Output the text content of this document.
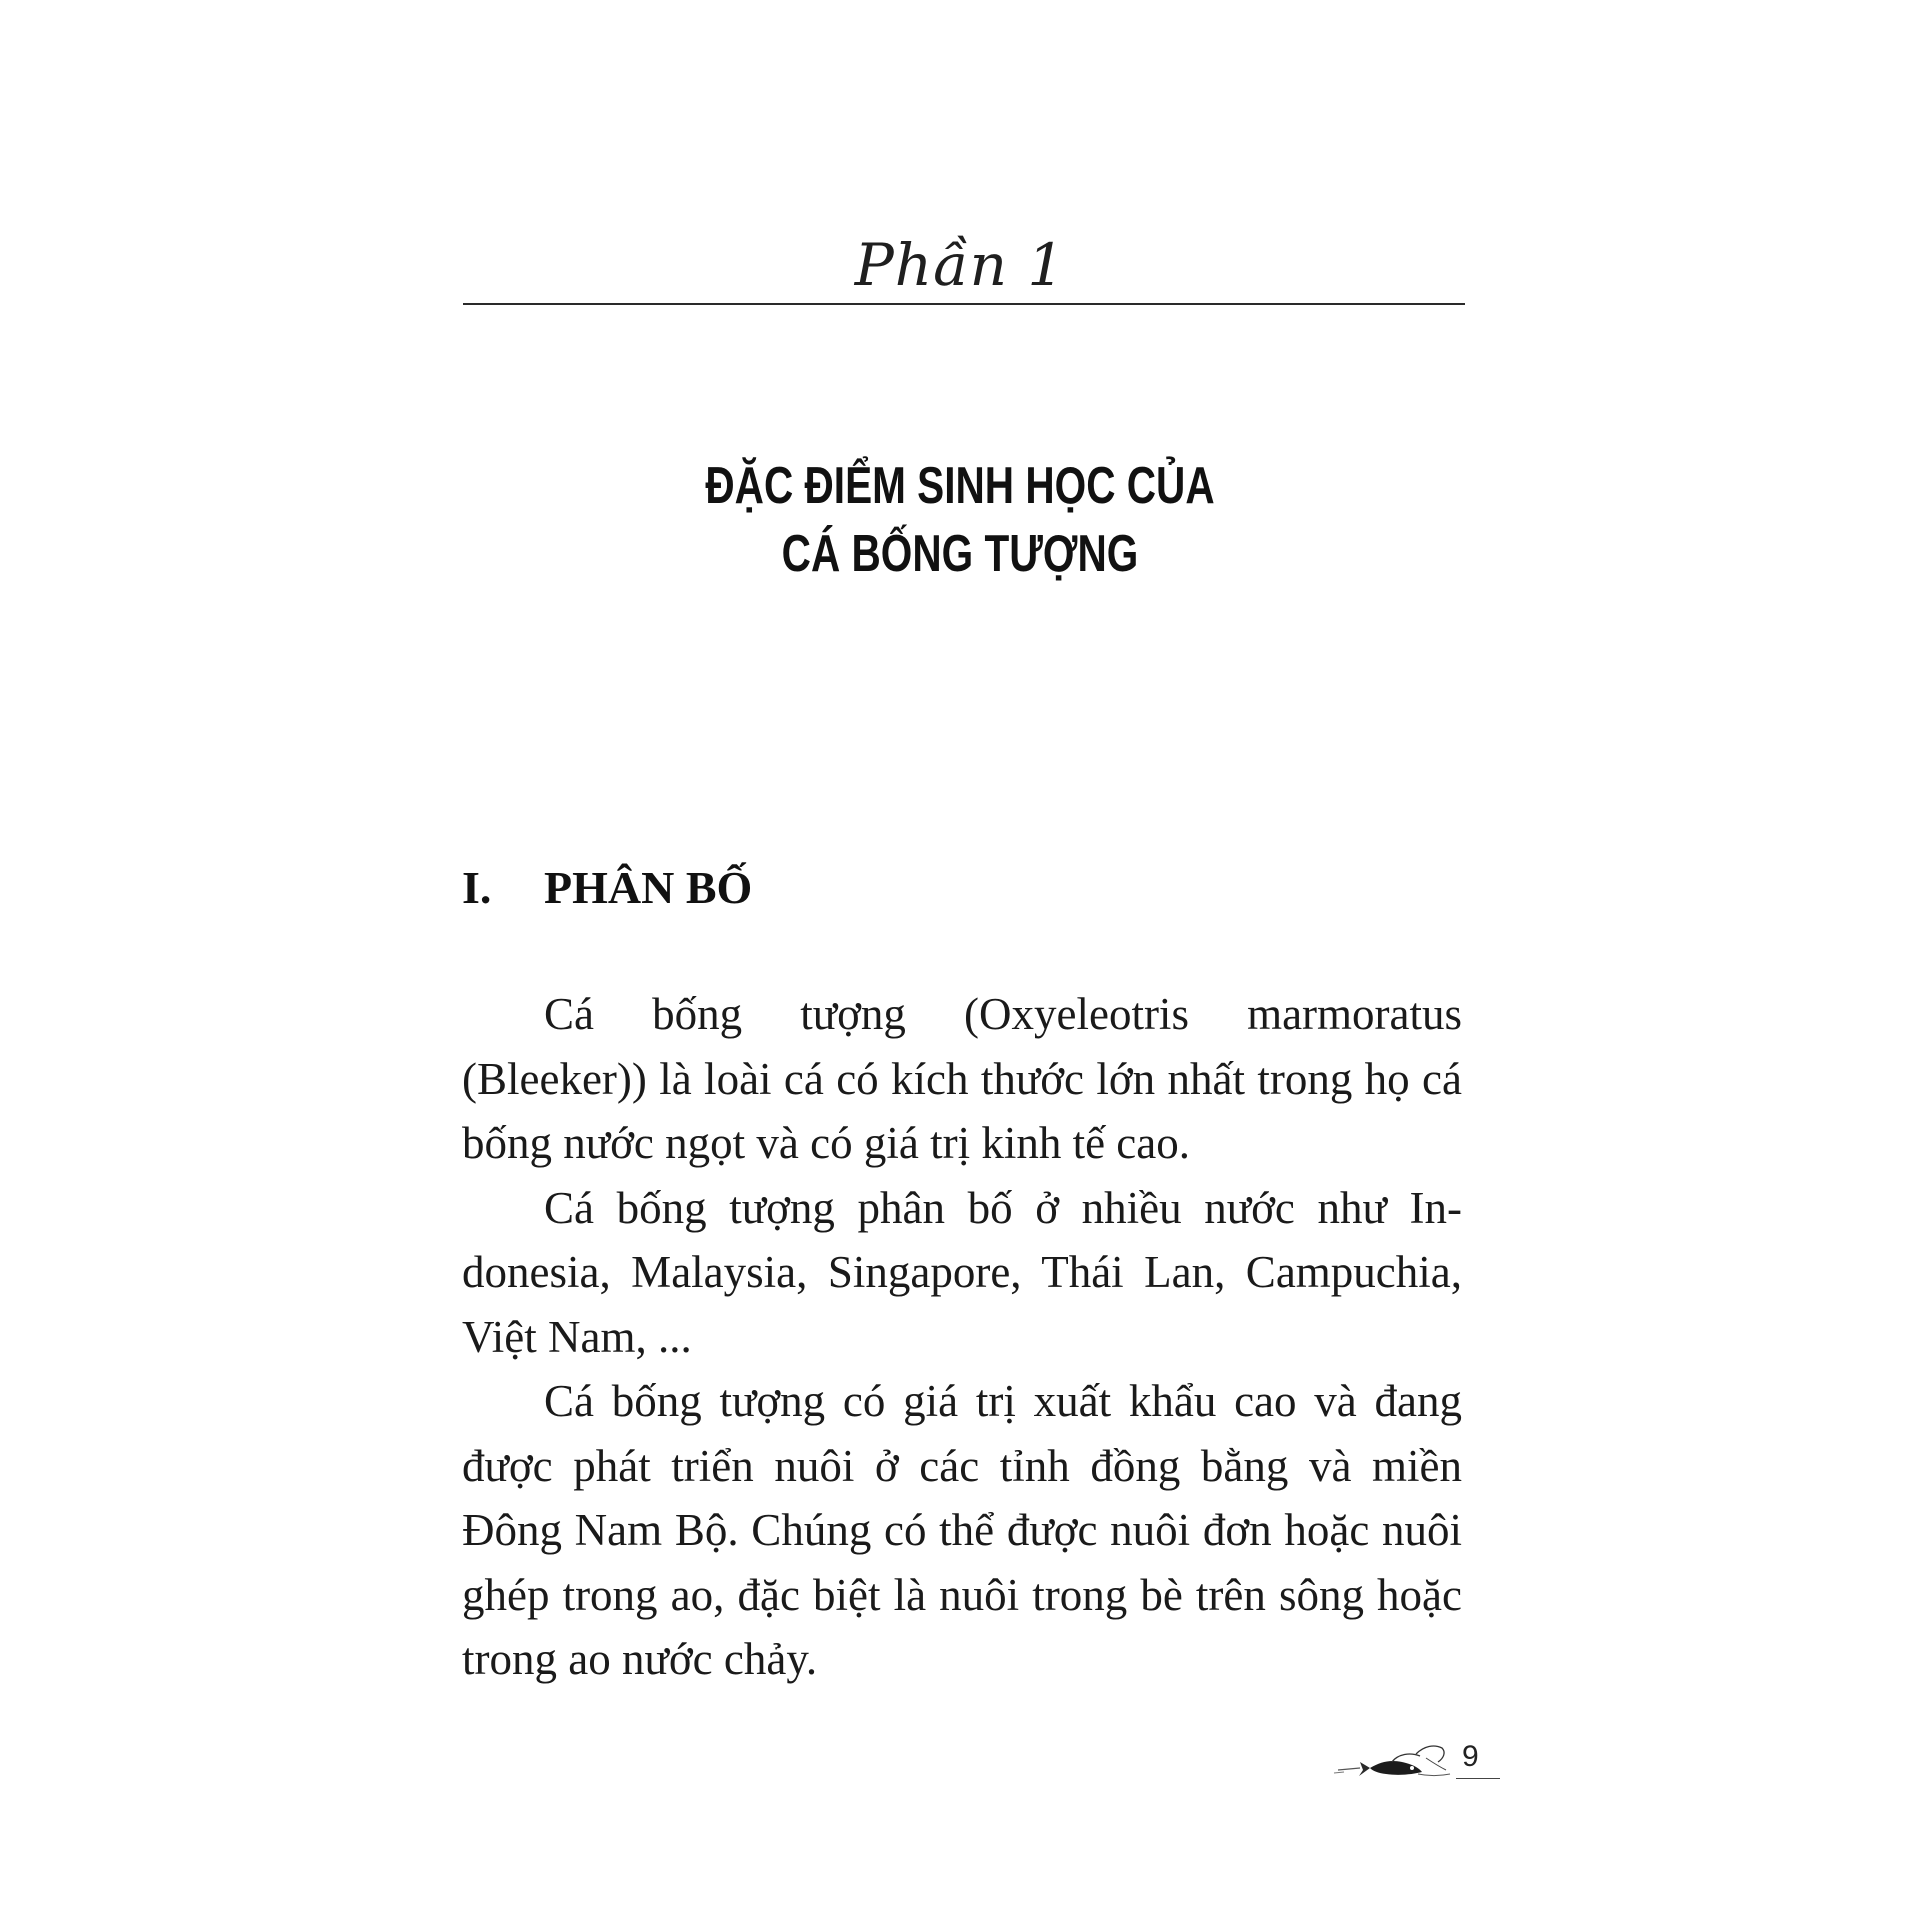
Phần 1
ĐẶC ĐIỂM SINH HỌC CỦA
CÁ BỐNG TƯỢNG
I. PHÂN BỐ

Cá bống tượng (Oxyeleotris marmoratus (Bleeker)) là loài cá có kích thước lớn nhất trong họ cá bống nước ngọt và có giá trị kinh tế cao.

Cá bống tượng phân bố ở nhiều nước như Indonesia, Malaysia, Singapore, Thái Lan, Campuchia, Việt Nam, ...

Cá bống tượng có giá trị xuất khẩu cao và đang được phát triển nuôi ở các tỉnh đồng bằng và miền Đông Nam Bộ. Chúng có thể được nuôi đơn hoặc nuôi ghép trong ao, đặc biệt là nuôi trong bè trên sông hoặc trong ao nước chảy.

9
